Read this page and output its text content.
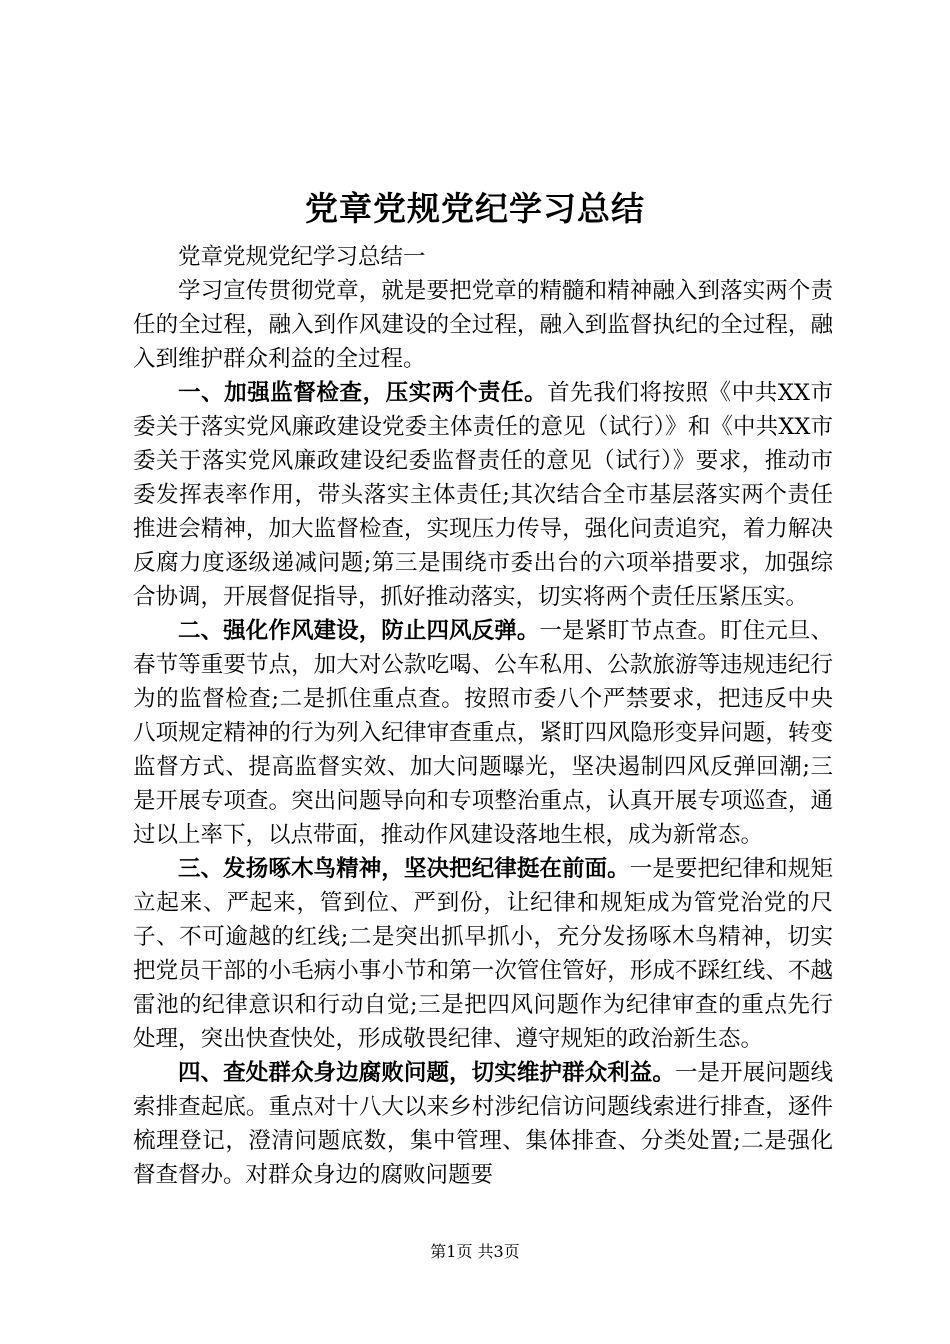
党章党规党纪学习总结

党章党规党纪学习总结一

学习宣传贯彻党章，就是要把党章的精髓和精神融入到落实两个责任的全过程，融入到作风建设的全过程，融入到监督执纪的全过程，融入到维护群众利益的全过程。

一、加强监督检查，压实两个责任。首先我们将按照《中共XX市委关于落实党风廉政建设党委主体责任的意见（试行）》和《中共XX市委关于落实党风廉政建设纪委监督责任的意见（试行）》要求，推动市委发挥表率作用，带头落实主体责任;其次结合全市基层落实两个责任推进会精神，加大监督检查，实现压力传导，强化问责追究，着力解决反腐力度逐级递减问题;第三是围绕市委出台的六项举措要求，加强综合协调，开展督促指导，抓好推动落实，切实将两个责任压紧压实。

二、强化作风建设，防止四风反弹。一是紧盯节点查。盯住元旦、春节等重要节点，加大对公款吃喝、公车私用、公款旅游等违规违纪行为的监督检查;二是抓住重点查。按照市委八个严禁要求，把违反中央八项规定精神的行为列入纪律审查重点，紧盯四风隐形变异问题，转变监督方式、提高监督实效、加大问题曝光，坚决遏制四风反弹回潮;三是开展专项查。突出问题导向和专项整治重点，认真开展专项巡查，通过以上率下，以点带面，推动作风建设落地生根，成为新常态。

三、发扬啄木鸟精神，坚决把纪律挺在前面。一是要把纪律和规矩立起来、严起来，管到位、严到份，让纪律和规矩成为管党治党的尺子、不可逾越的红线;二是突出抓早抓小，充分发扬啄木鸟精神，切实把党员干部的小毛病小事小节和第一次管住管好，形成不踩红线、不越雷池的纪律意识和行动自觉;三是把四风问题作为纪律审查的重点先行处理，突出快查快处，形成敬畏纪律、遵守规矩的政治新生态。

四、查处群众身边腐败问题，切实维护群众利益。一是开展问题线索排查起底。重点对十八大以来乡村涉纪信访问题线索进行排查，逐件梳理登记，澄清问题底数，集中管理、集体排查、分类处置;二是强化督查督办。对群众身边的腐败问题要

第1页 共3页
